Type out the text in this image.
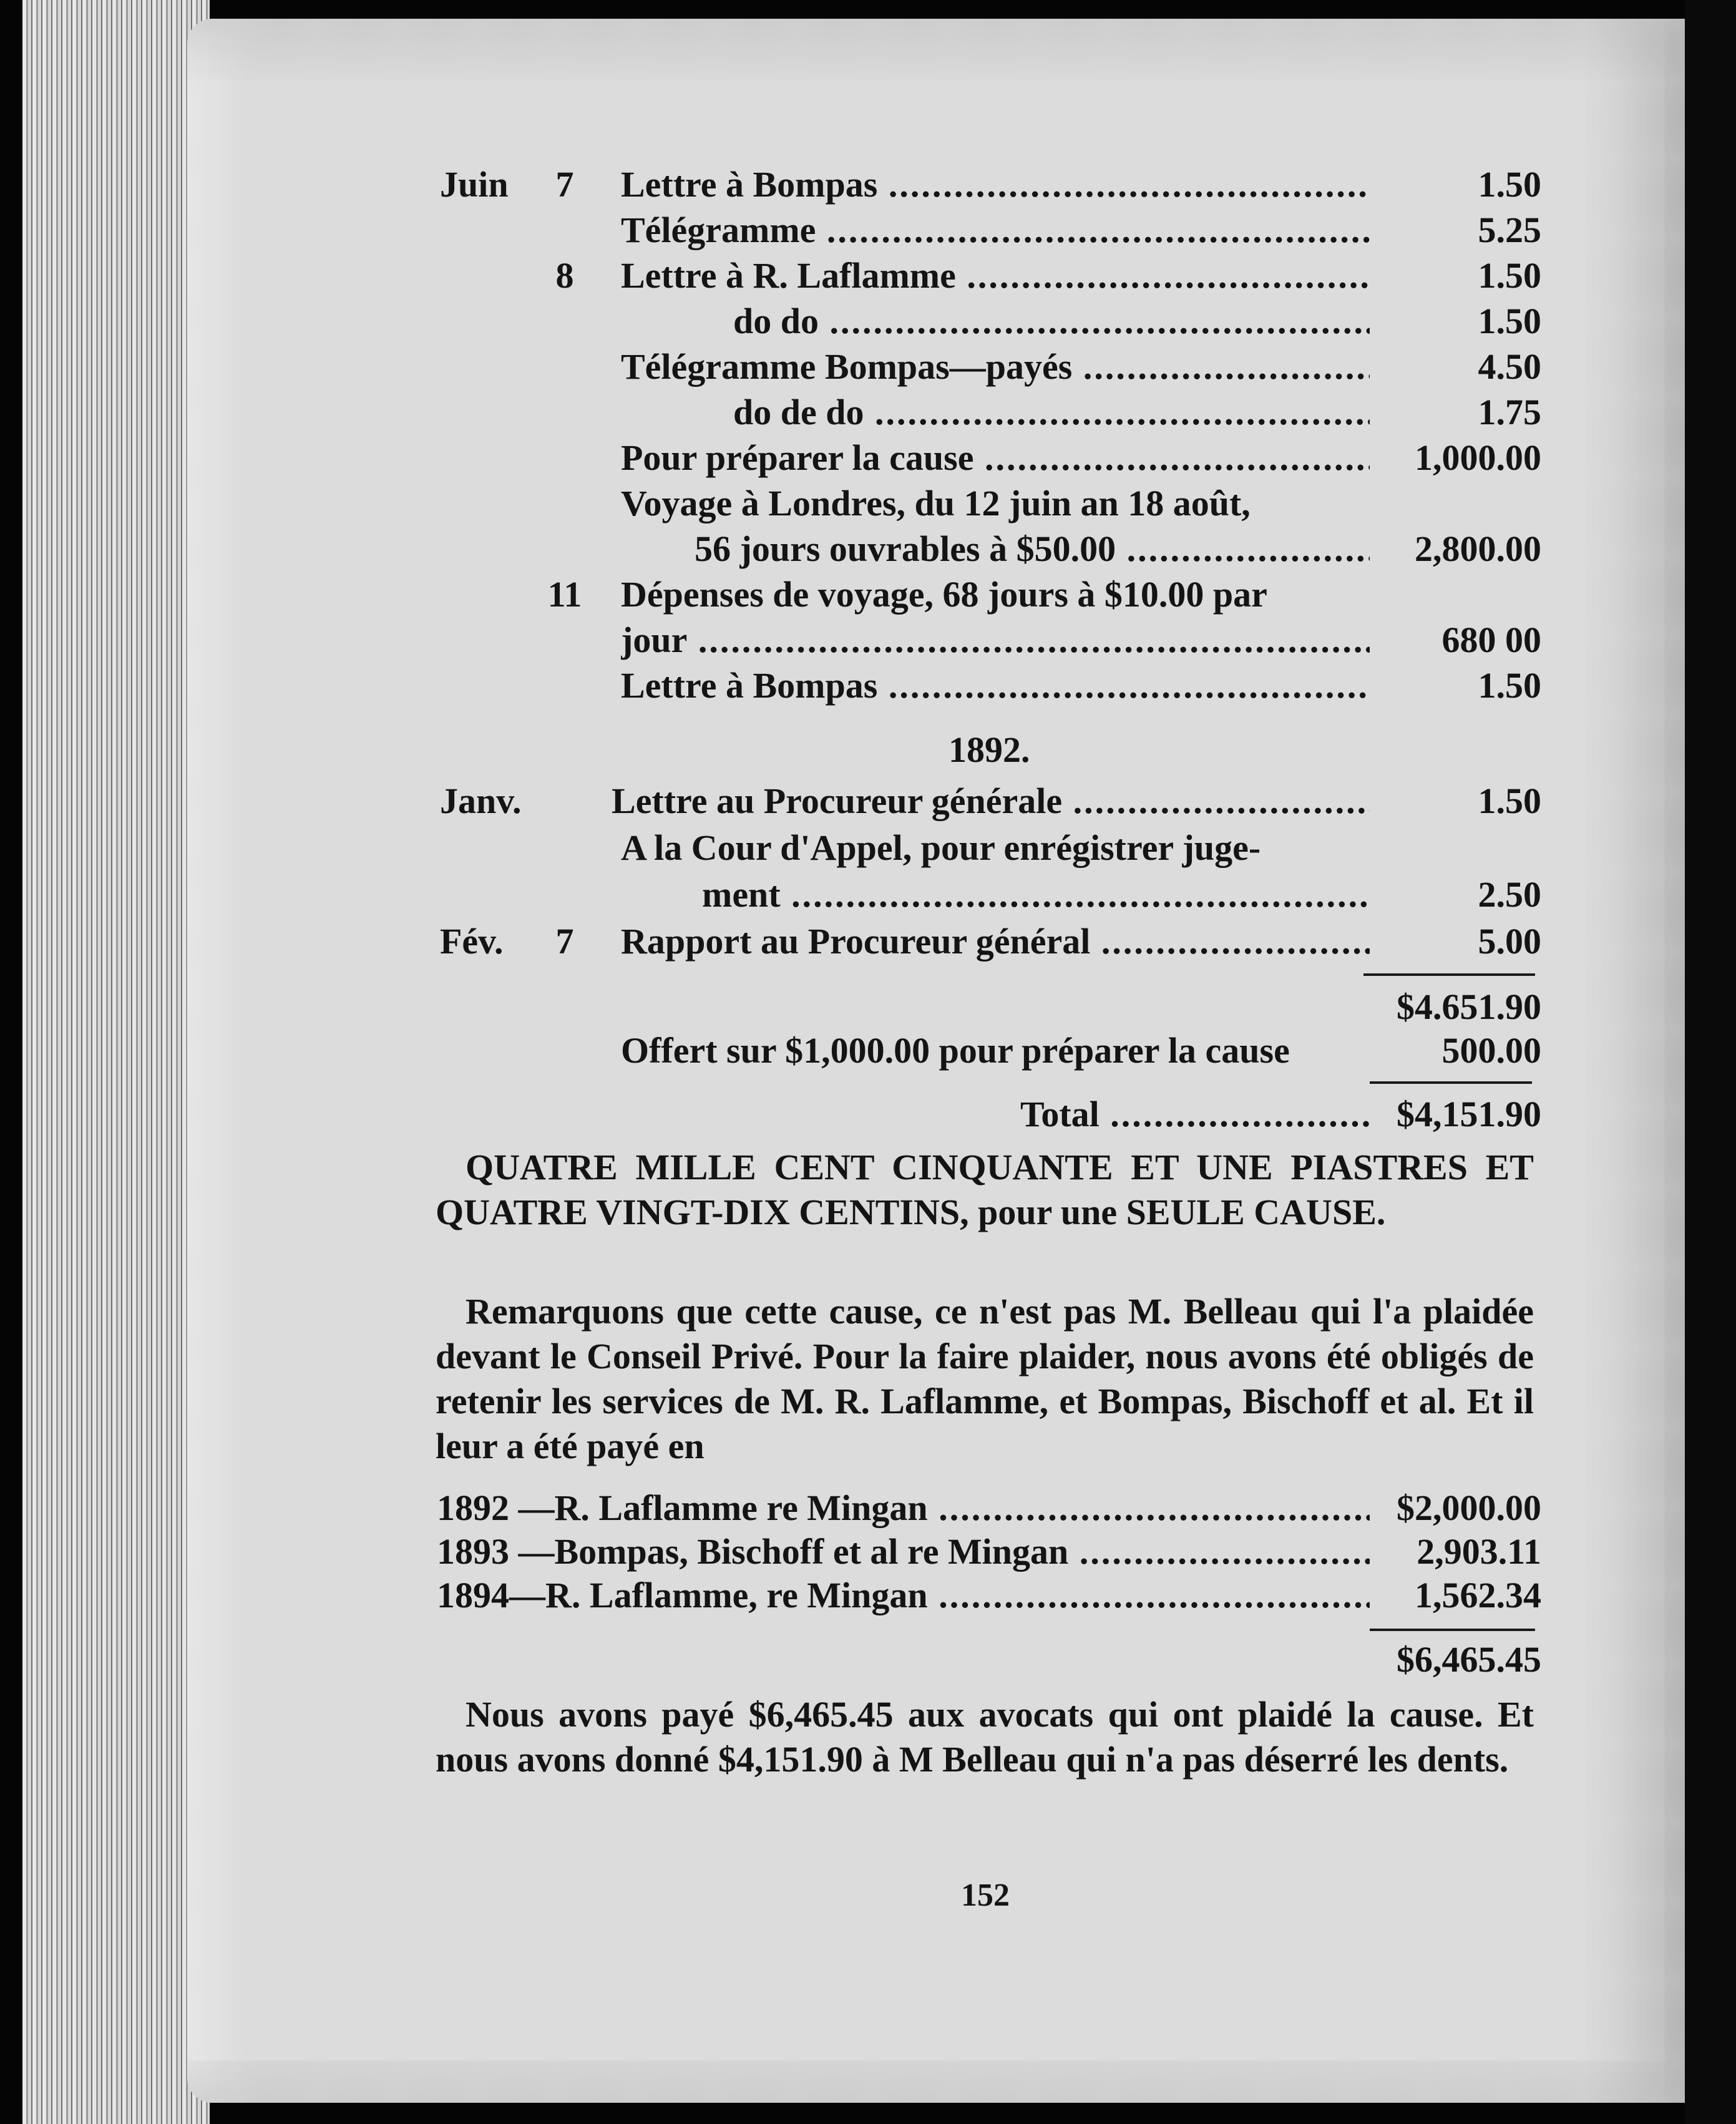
Juin	7	Lettre à Bompas .....	1.50
Télégramme .....	5.25
8	Lettre à R. Laflamme .....	1.50
do do .....	1.50
Télégramme Bompas—payés .....	4.50
do de do .....	1.75
Pour préparer la cause .....	1,000.00
Voyage à Londres, du 12 juin an 18 août,
56 jours ouvrables à $50.00 .....	2,800.00
11 Dépenses de voyage, 68 jours à $10.00 par
jour .....	680 00
Lettre à Bompas .....	1.50
Janv.	Lettre au Procureur générale .....	1.50
A la Cour d'Appel, pour enrégistrer juge-
ment .....	2.50
Fév.	7	Rapport au Procureur général .....	5.00
1892.
$4.651.90
Offert sur $1,000.00 pour préparer la cause	500.00
Total .....	$4,151.90
QUATRE MILLE CENT CINQUANTE ET UNE PIASTRES ET QUATRE VINGT-DIX CENTINS, pour une SEULE CAUSE.
Remarquons que cette cause, ce n'est pas M. Belleau qui l'a plaidée devant le Conseil Privé. Pour la faire plaider, nous avons été obligés de retenir les services de M. R. Laflamme, et Bompas, Bischoff et al. Et il leur a été payé en
1892 —R. Laflamme re Mingan .....	$2,000.00
1893 —Bompas, Bischoff et al re Mingan .....	2,903.11
1894—R. Laflamme, re Mingan .....	1,562.34
$6,465.45
Nous avons payé $6,465.45 aux avocats qui ont plaidé la cause. Et nous avons donné $4,151.90 à M Belleau qui n'a pas déserré les dents.
152
